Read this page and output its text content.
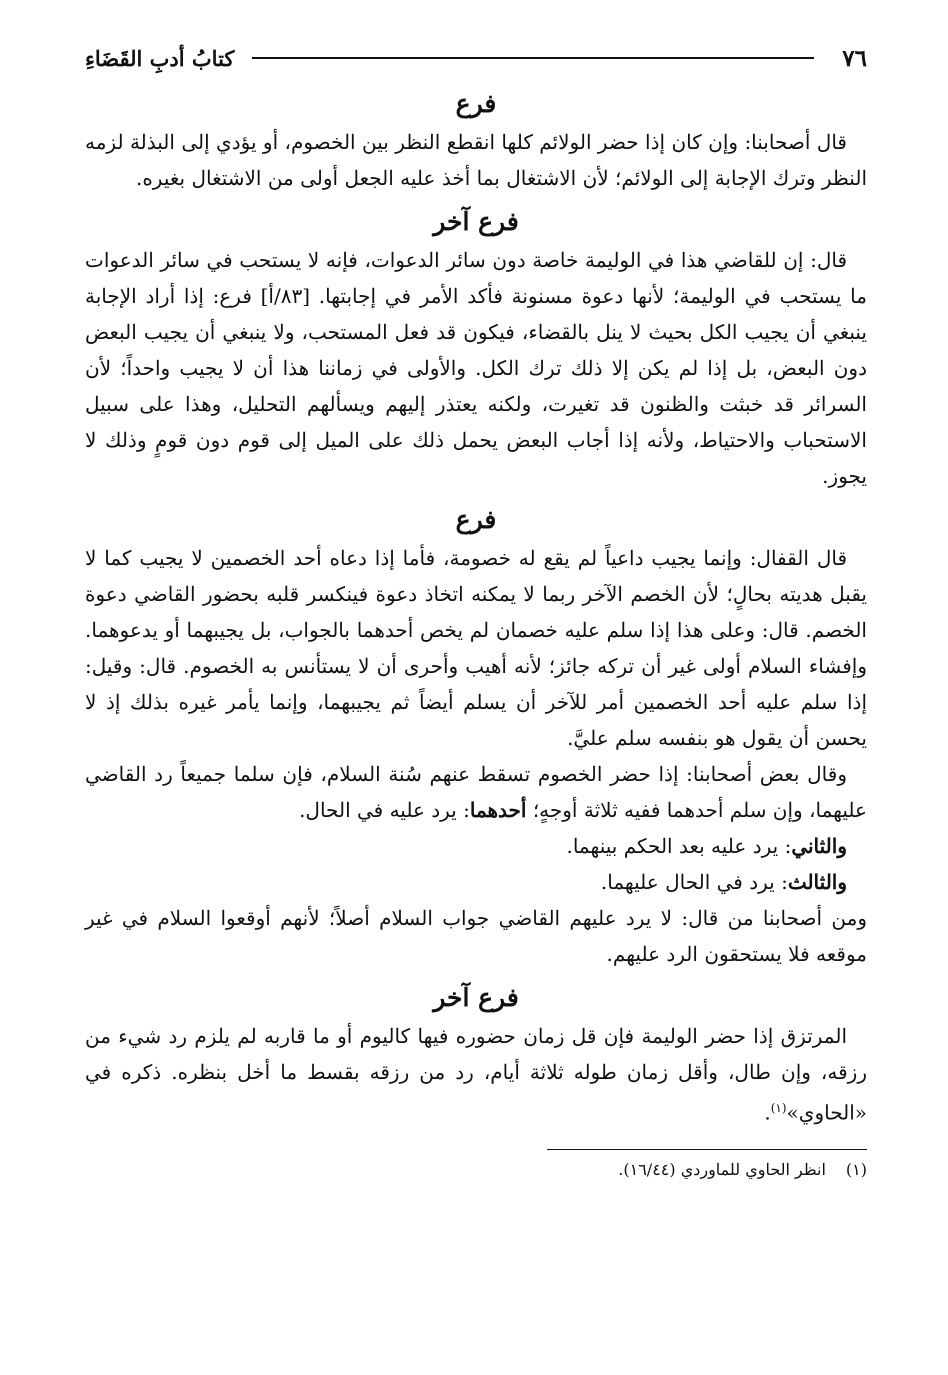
٧٦
كتابُ أدبِ القَضَاءِ
فرع

قال أصحابنا: وإن كان إذا حضر الولائم كلها انقطع النظر بين الخصوم، أو يؤدي إلى البذلة لزمه النظر وترك الإجابة إلى الولائم؛ لأن الاشتغال بما أخذ عليه الجعل أولى من الاشتغال بغيره.

فرع آخر

قال: إن للقاضي هذا في الوليمة خاصة دون سائر الدعوات، فإنه لا يستحب في سائر الدعوات ما يستحب في الوليمة؛ لأنها دعوة مسنونة فأكد الأمر في إجابتها. [٨٣/أ] فرع: إذا أراد الإجابة ينبغي أن يجيب الكل بحيث لا ينل بالقضاء، فيكون قد فعل المستحب، ولا ينبغي أن يجيب البعض دون البعض، بل إذا لم يكن إلا ذلك ترك الكل. والأولى في زماننا هذا أن لا يجيب واحداً؛ لأن السرائر قد خبثت والظنون قد تغيرت، ولكنه يعتذر إليهم ويسألهم التحليل، وهذا على سبيل الاستحباب والاحتياط، ولأنه إذا أجاب البعض يحمل ذلك على الميل إلى قوم دون قومٍ وذلك لا يجوز.

فرع

قال القفال: وإنما يجيب داعياً لم يقع له خصومة، فأما إذا دعاه أحد الخصمين لا يجيب كما لا يقبل هديته بحالٍ؛ لأن الخصم الآخر ربما لا يمكنه اتخاذ دعوة فينكسر قلبه بحضور القاضي دعوة الخصم. قال: وعلى هذا إذا سلم عليه خصمان لم يخص أحدهما بالجواب، بل يجيبهما أو يدعوهما. وإفشاء السلام أولى غير أن تركه جائز؛ لأنه أهيب وأحرى أن لا يستأنس به الخصوم. قال: وقيل: إذا سلم عليه أحد الخصمين أمر للآخر أن يسلم أيضاً ثم يجيبهما، وإنما يأمر غيره بذلك إذ لا يحسن أن يقول هو بنفسه سلم عليَّ.

وقال بعض أصحابنا: إذا حضر الخصوم تسقط عنهم سُنة السلام، فإن سلما جميعاً رد القاضي عليهما، وإن سلم أحدهما ففيه ثلاثة أوجهٍ؛ أحدهما: يرد عليه في الحال.

والثاني: يرد عليه بعد الحكم بينهما.

والثالث: يرد في الحال عليهما.

ومن أصحابنا من قال: لا يرد عليهم القاضي جواب السلام أصلاً؛ لأنهم أوقعوا السلام في غير موقعه فلا يستحقون الرد عليهم.

فرع آخر

المرتزق إذا حضر الوليمة فإن قل زمان حضوره فيها كاليوم أو ما قاربه لم يلزم رد شيء من رزقه، وإن طال، وأقل زمان طوله ثلاثة أيام، رد من رزقه بقسط ما أخل بنظره. ذكره في «الحاوي»$^{(١)}$.

(١) انظر الحاوي للماوردي (١٦/٤٤).
